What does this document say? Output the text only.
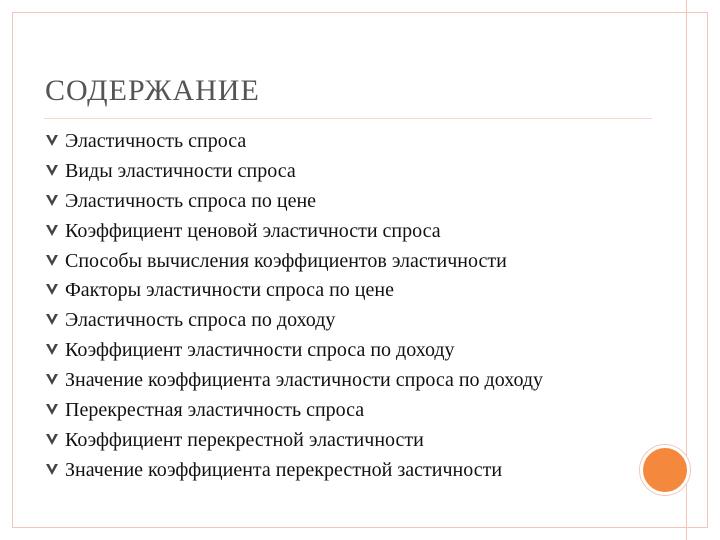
СОДЕРЖАНИЕ
Эластичность спроса
Виды эластичности спроса
Эластичность спроса по цене
Коэффициент ценовой эластичности спроса
Способы вычисления коэффициентов эластичности
Факторы эластичности спроса по цене
Эластичность спроса по доходу
Коэффициент эластичности спроса по доходу
Значение коэффициента эластичности спроса по доходу
Перекрестная эластичность спроса
Коэффициент перекрестной эластичности
Значение коэффициента перекрестной застичности
